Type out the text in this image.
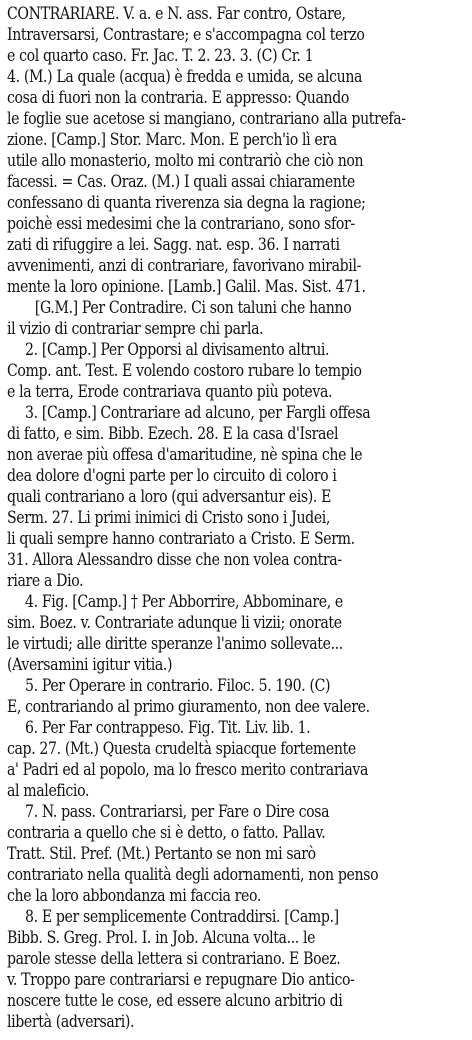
CONTRARIARE. V. a. e N. ass. Far contro, Ostare,
Intraversarsi, Contrastare; e s'accompagna col terzo
e col quarto caso. Fr. Jac. T. 2. 23. 3. (C) Cr. 1
4. (M.) La quale (acqua) è fredda e umida, se alcuna
cosa di fuori non la contraria. E appresso: Quando
le foglie sue acetose si mangiano, contrariano alla putrefa-
zione. [Camp.] Stor. Marc. Mon. E perch'io lì era
utile allo monasterio, molto mi contrariò che ciò non
facessi. = Cas. Oraz. (M.) I quali assai chiaramente
confessano di quanta riverenza sia degna la ragione;
poichè essi medesimi che la contrariano, sono sfor-
zati di rifuggire a lei. Sagg. nat. esp. 36. I narrati
avvenimenti, anzi di contrariare, favorivano mirabil-
mente la loro opinione. [Lamb.] Galil. Mas. Sist. 471.
[G.M.] Per Contradire. Ci son taluni che hanno
il vizio di contrariar sempre chi parla.
2. [Camp.] Per Opporsi al divisamento altrui.
Comp. ant. Test. E volendo costoro rubare lo tempio
e la terra, Erode contrariava quanto più poteva.
3. [Camp.] Contrariare ad alcuno, per Fargli offesa
di fatto, e sim. Bibb. Ezech. 28. E la casa d'Israel
non averae più offesa d'amaritudine, nè spina che le
dea dolore d'ogni parte per lo circuito di coloro i
quali contrariano a loro (qui adversantur eis). E
Serm. 27. Li primi inimici di Cristo sono i Judei,
li quali sempre hanno contrariato a Cristo. E Serm.
31. Allora Alessandro disse che non volea contra-
riare a Dio.
4. Fig. [Camp.] † Per Abborrire, Abbominare, e
sim. Boez. v. Contrariate adunque li vizii; onorate
le virtudi; alle diritte speranze l'animo sollevate...
(Aversamini igitur vitia.)
5. Per Operare in contrario. Filoc. 5. 190. (C)
E, contrariando al primo giuramento, non dee valere.
6. Per Far contrappeso. Fig. Tit. Liv. lib. 1.
cap. 27. (Mt.) Questa crudeltà spiacque fortemente
a' Padri ed al popolo, ma lo fresco merito contrariava
al maleficio.
7. N. pass. Contrariarsi, per Fare o Dire cosa
contraria a quello che si è detto, o fatto. Pallav.
Tratt. Stil. Pref. (Mt.) Pertanto se non mi sarò
contrariato nella qualità degli adornamenti, non penso
che la loro abbondanza mi faccia reo.
8. E per semplicemente Contraddirsi. [Camp.]
Bibb. S. Greg. Prol. I. in Job. Alcuna volta... le
parole stesse della lettera si contrariano. E Boez.
v. Troppo pare contrariarsi e repugnare Dio antico-
noscere tutte le cose, ed essere alcuno arbitrio di
libertà (adversari).
